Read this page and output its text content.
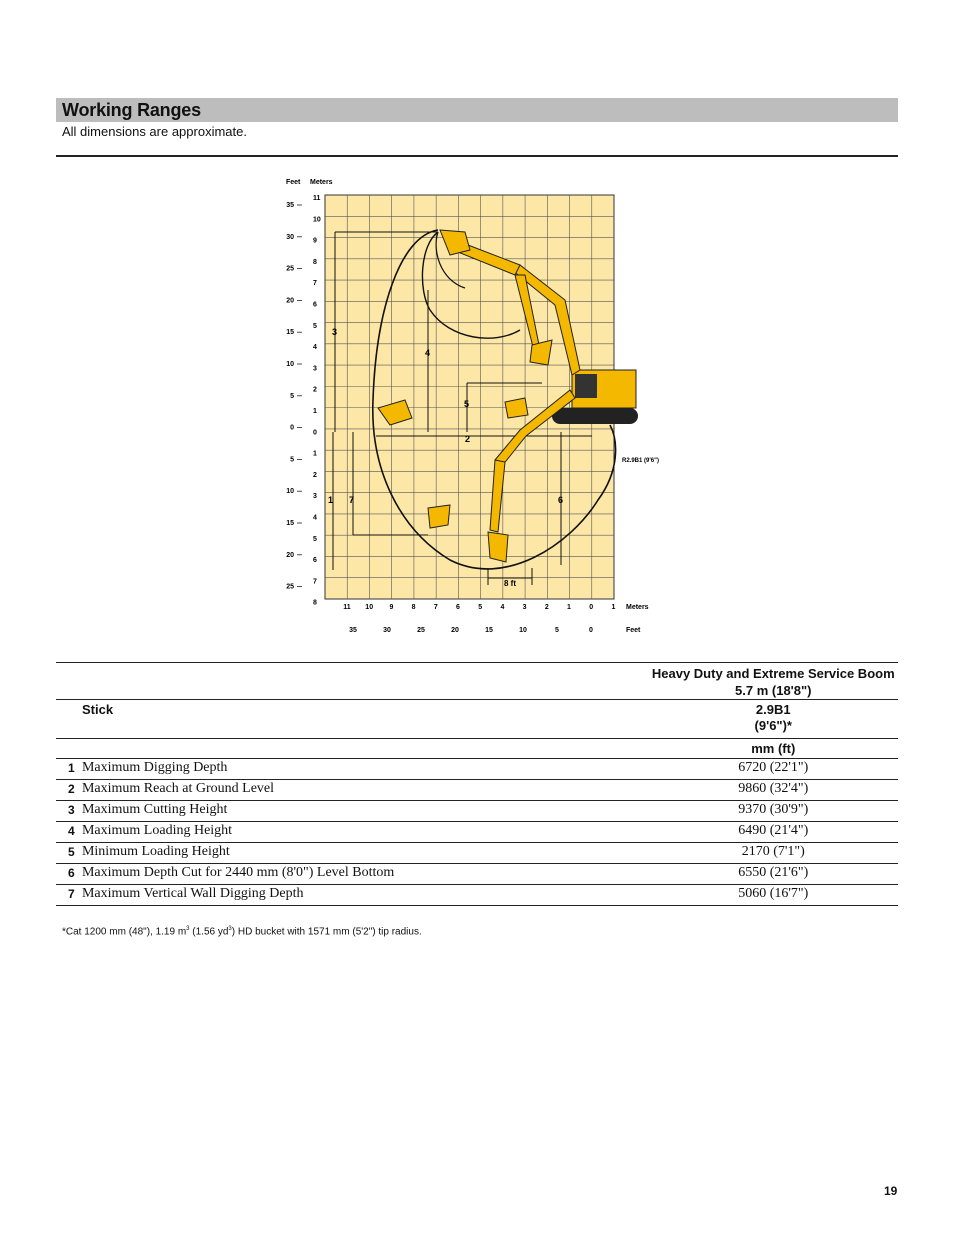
Working Ranges
All dimensions are approximate.
Feet Meters
Meters
Feet
35
30
25
20
15
10
5
0
5
10
15
20
25
11
10
9
8
7
6
5
4
3
2
1
0
1
2
3
4
5
6
7
8
11 10 9	8	7	6	5	4	3	2	1	0	1
35	30	25	20	15	10	5	0
3
4
5
2
1 7	6
8 ft
R2.9B1 (9'6")

		Heavy Duty and Extreme Service Boom
5.7 m (18'8")

Stick		2.9B1
(9'6")*

		mm (ft)
1	Maximum Digging Depth	6720 (22'1")
2	Maximum Reach at Ground Level	9860 (32'4")
3	Maximum Cutting Height	9370 (30'9")
4	Maximum Loading Height	6490 (21'4")
5	Minimum Loading Height	2170 (7'1")
6	Maximum Depth Cut for 2440 mm (8'0") Level Bottom	6550 (21'6")
7	Maximum Vertical Wall Digging Depth	5060 (16'7")
*Cat 1200 mm (48"), 1.19 $m^3$ (1.56 $yd^3$) HD bucket with 1571 mm (5'2") tip radius.
19
